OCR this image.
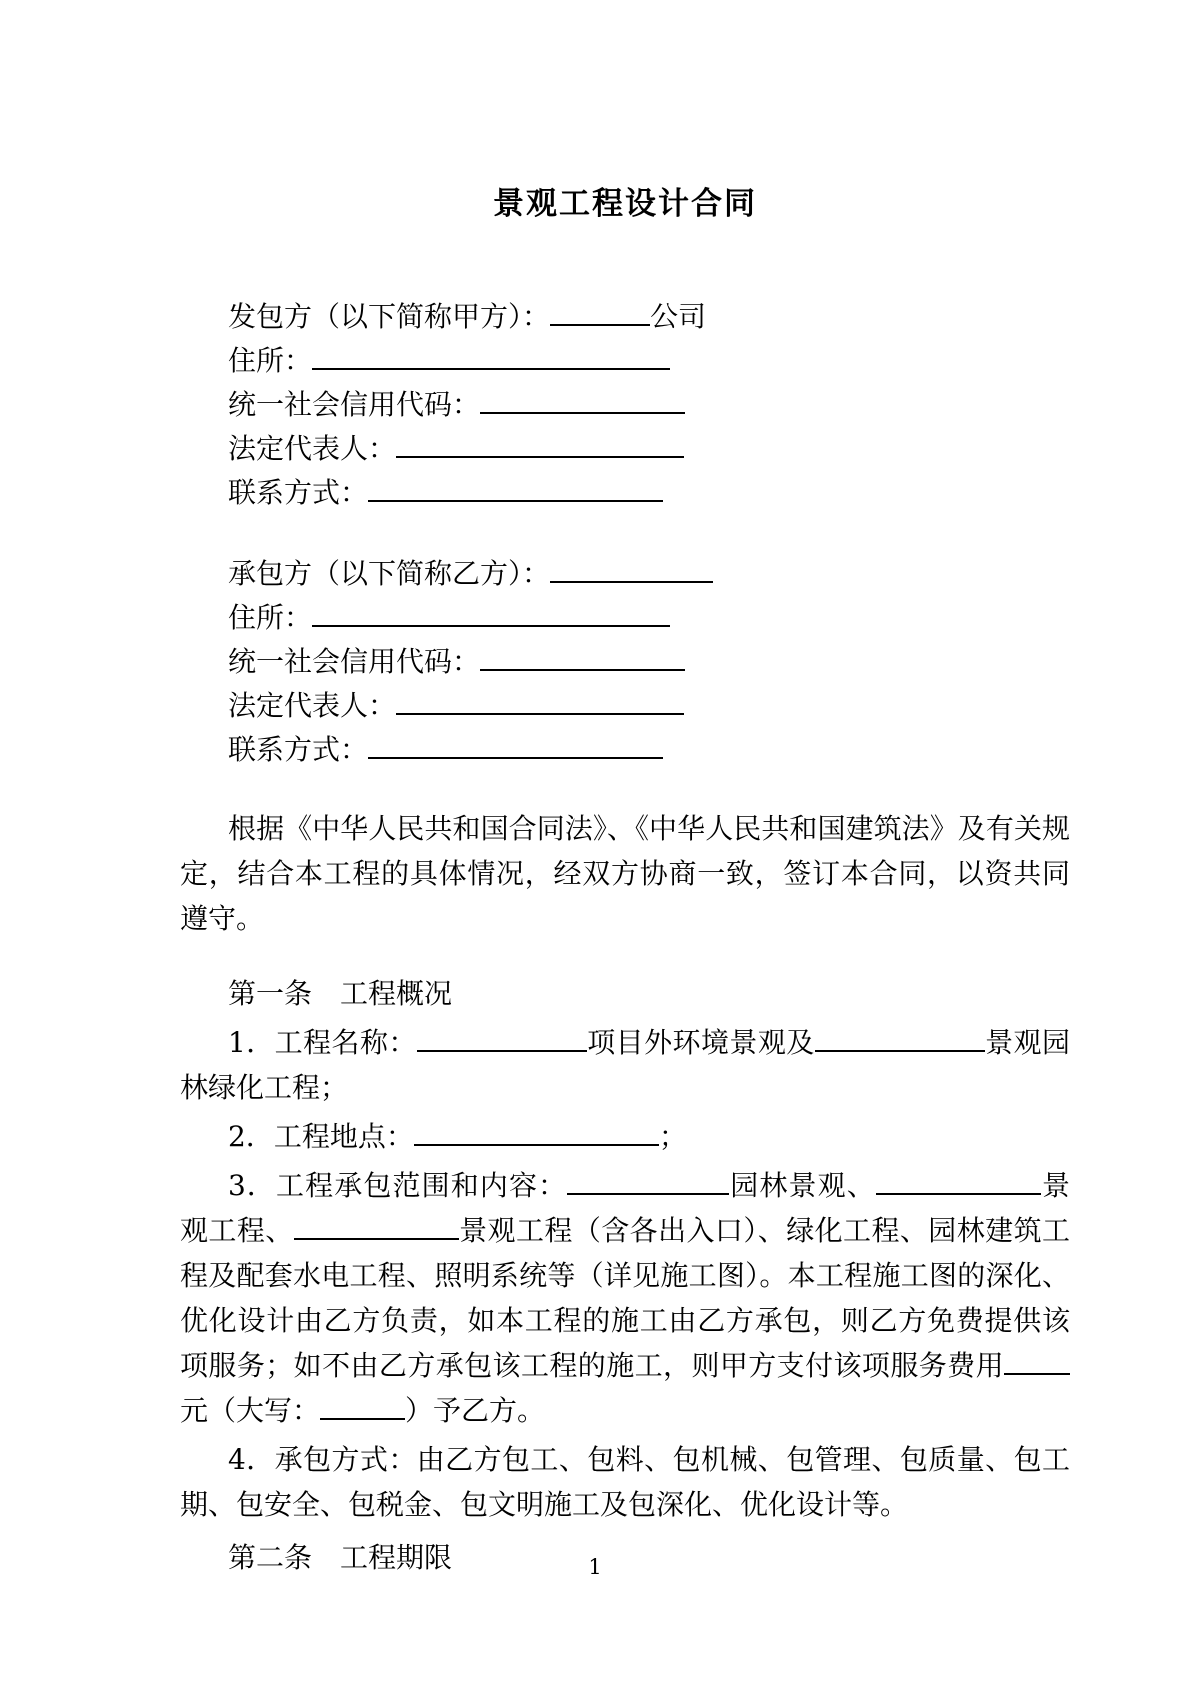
景观工程设计合同

发包方（以下简称甲方）：	公司

住所：

统一社会信用代码：

法定代表人：

联系方式：

承包方（以下简称乙方）：

住所：

统一社会信用代码：

法定代表人：

联系方式：

根据《中华人民共和国合同法》、《中华人民共和国建筑法》及有关规定，结合本工程的具体情况，经双方协商一致，签订本合同，以资共同遵守。

第一条　工程概况

1．工程名称：	项目外环境景观及	景观园林绿化工程；

2．工程地点：	；

3．工程承包范围和内容：	园林景观、	景观工程、	景观工程（含各出入口）、绿化工程、园林建筑工程及配套水电工程、照明系统等（详见施工图）。本工程施工图的深化、优化设计由乙方负责，如本工程的施工由乙方承包，则乙方免费提供该项服务；如不由乙方承包该工程的施工，则甲方支付该项服务费用元（大写：	）予乙方。

4．承包方式：由乙方包工、包料、包机械、包管理、包质量、包工期、包安全、包税金、包文明施工及包深化、优化设计等。

第二条　工程期限	1
